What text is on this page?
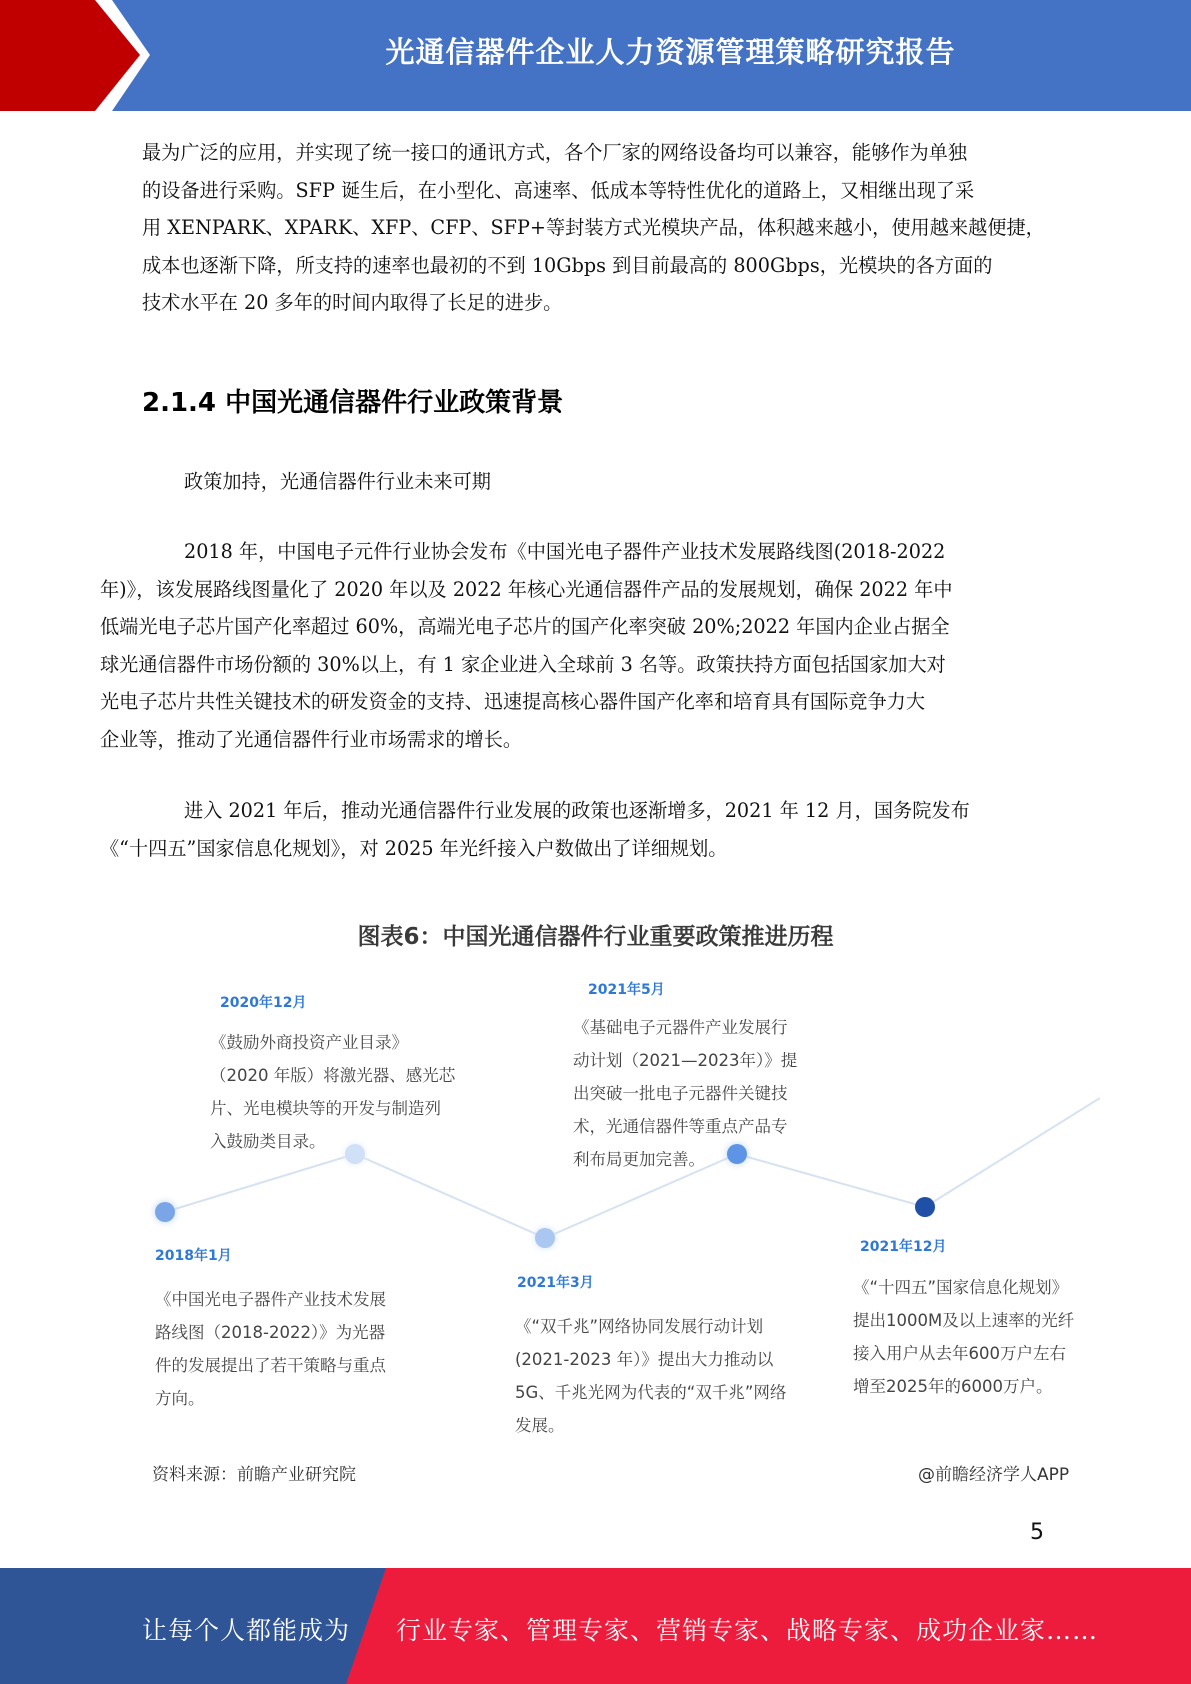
光通信器件企业人力资源管理策略研究报告
最为广泛的应用，并实现了统一接口的通讯方式，各个厂家的网络设备均可以兼容，能够作为单独
的设备进行采购。SFP 诞生后，在小型化、高速率、低成本等特性优化的道路上，又相继出现了采
用 XENPARK、XPARK、XFP、CFP、SFP+等封装方式光模块产品，体积越来越小，使用越来越便捷，
成本也逐渐下降，所支持的速率也最初的不到 10Gbps 到目前最高的 800Gbps，光模块的各方面的
技术水平在 20 多年的时间内取得了长足的进步。
2.1.4 中国光通信器件行业政策背景
政策加持，光通信器件行业未来可期
2018 年，中国电子元件行业协会发布《中国光电子器件产业技术发展路线图(2018-2022
年)》，该发展路线图量化了 2020 年以及 2022 年核心光通信器件产品的发展规划，确保 2022 年中
低端光电子芯片国产化率超过 60%，高端光电子芯片的国产化率突破 20%;2022 年国内企业占据全
球光通信器件市场份额的 30%以上，有 1 家企业进入全球前 3 名等。政策扶持方面包括国家加大对
光电子芯片共性关键技术的研发资金的支持、迅速提高核心器件国产化率和培育具有国际竞争力大
企业等，推动了光通信器件行业市场需求的增长。
进入 2021 年后，推动光通信器件行业发展的政策也逐渐增多，2021 年 12 月，国务院发布
《“十四五”国家信息化规划》，对 2025 年光纤接入户数做出了详细规划。
图表6：中国光通信器件行业重要政策推进历程
2018年1月
《中国光电子器件产业技术发展
路线图（2018-2022）》为光器
件的发展提出了若干策略与重点
方向。
2020年12月
《鼓励外商投资产业目录》
（2020 年版）将激光器、感光芯
片、光电模块等的开发与制造列
入鼓励类目录。
2021年3月
《“双千兆”网络协同发展行动计划
(2021-2023 年）》提出大力推动以
5G、千兆光网为代表的“双千兆”网络
发展。
2021年5月
《基础电子元器件产业发展行
动计划（2021—2023年）》提
出突破一批电子元器件关键技
术，光通信器件等重点产品专
利布局更加完善。
2021年12月
《“十四五”国家信息化规划》
提出1000M及以上速率的光纤
接入用户从去年600万户左右
增至2025年的6000万户。
资料来源：前瞻产业研究院	@前瞻经济学人APP
5
让每个人都能成为 行业专家、管理专家、营销专家、战略专家、成功企业家……
